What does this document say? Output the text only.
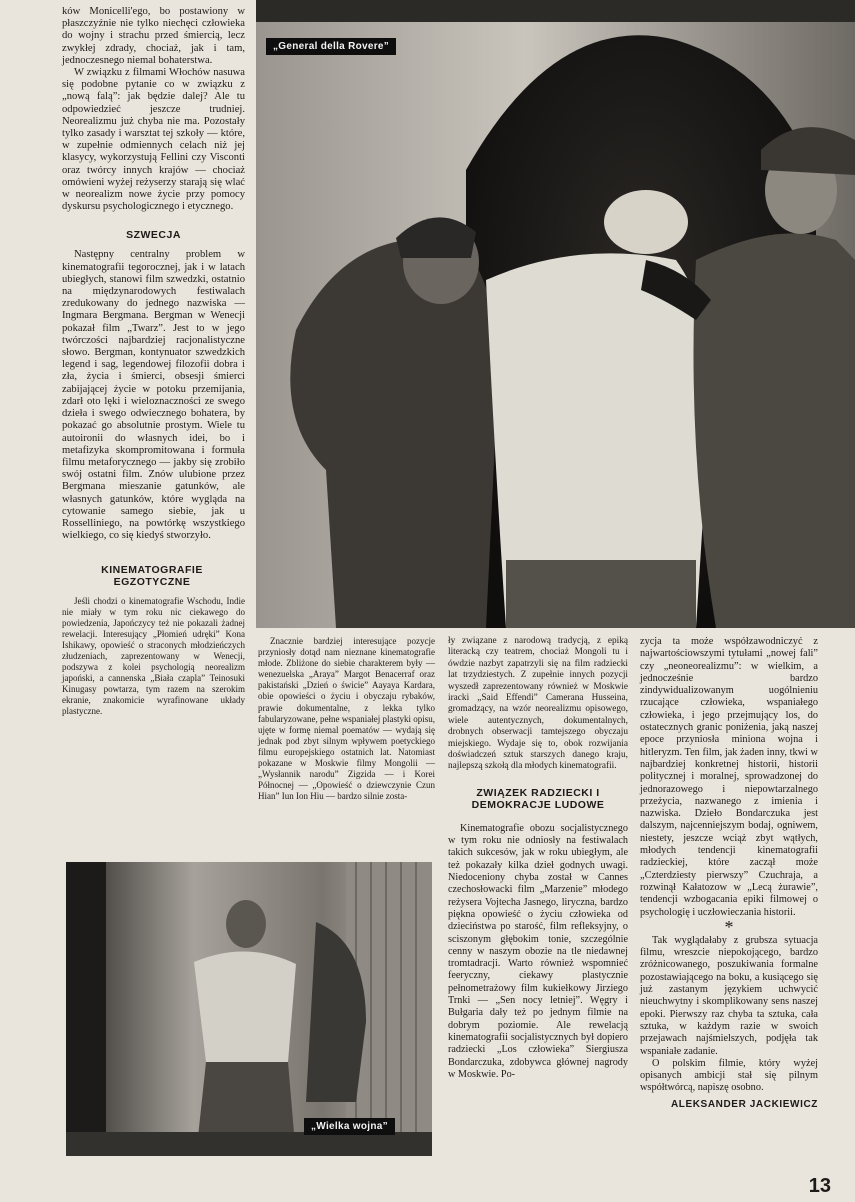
ków Monicelli'ego, bo postawiony w płaszczyźnie nie tylko niechęci człowieka do wojny i strachu przed śmiercią, lecz zwykłej zdrady, chociaż, jak i tam, jednoczesnego niemal bohaterstwa.

W związku z filmami Włochów nasuwa się podobne pytanie co w związku z „nową falą”: jak będzie dalej? Ale tu odpowiedzieć jeszcze trudniej. Neorealizmu już chyba nie ma. Pozostały tylko zasady i warsztat tej szkoły — które, w zupełnie odmiennych celach niż jej klasycy, wykorzystują Fellini czy Visconti oraz twórcy innych krajów — chociaż omówieni wyżej reżyserzy starają się wlać w neorealizm nowe życie przy pomocy dyskursu psychologicznego i etycznego.

SZWECJA

Następny centralny problem w kinematografii tegorocznej, jak i w latach ubiegłych, stanowi film szwedzki, ostatnio na międzynarodowych festiwalach zredukowany do jednego nazwiska — Ingmara Bergmana. Bergman w Wenecji pokazał film „Twarz”. Jest to w jego twórczości najbardziej racjonalistyczne słowo. Bergman, kontynuator szwedzkich legend i sag, legendowej filozofii dobra i zła, życia i śmierci, obsesji śmierci zabijającej życie w potoku przemijania, zdarł oto lęki i wieloznaczności ze swego dzieła i swego odwiecznego bohatera, by pokazać go absolutnie prostym. Wiele tu autoironii do własnych idei, bo i metafizyka skompromitowana i formuła filmu metaforycznego — jakby się zrobiło swój ostatni film. Znów ulubione przez Bergmana mieszanie gatunków, ale własnych gatunków, które wygląda na cytowanie samego siebie, jak u Rosselliniego, na powtórkę wszystkiego wielkiego, co się kiedyś stworzyło.

KINEMATOGRAFIE EGZOTYCZNE

Jeśli chodzi o kinematografie Wschodu, Indie nie miały w tym roku nic ciekawego do powiedzenia, Japończycy też nie pokazali żadnej rewelacji. Interesujący „Płomień udręki” Kona Ishikawy, opowieść o straconych młodzieńczych złudzeniach, zaprezentowany w Wenecji, podszywa z kolei psychologią neorealizm japoński, a cannenska „Biała czapla” Teinosuki Kinugasy powtarza, tym razem na szerokim ekranie, znakomicie wyrafinowane układy plastyczne.

„General della Rovere”

Znacznie bardziej interesujące pozycje przyniosły dotąd nam nieznane kinematografie młode. Zbliżone do siebie charakterem były — wenezuelska „Araya” Margot Benacerraf oraz pakistański „Dzień o świcie” Aayaya Kardara, obie opowieści o życiu i obyczaju rybaków, prawie dokumentalne, z lekka tylko fabularyzowane, pełne wspaniałej plastyki opisu, ujęte w formę niemal poematów — wydają się jednak pod zbyt silnym wpływem poetyckiego filmu europejskiego ostatnich lat. Natomiast pokazane w Moskwie filmy Mongolii — „Wysłannik narodu” Zigzida — i Korei Północnej — „Opowieść o dziewczynie Czun Hian” Iun Ion Hiu — bardzo silnie zosta-

ły związane z narodową tradycją, z epiką literacką czy teatrem, chociaż Mongoli tu i ówdzie nazbyt zapatrzyli się na film radziecki lat trzydziestych. Z zupełnie innych pozycji wyszedł zaprezentowany również w Moskwie iracki „Said Effendi” Camerana Husseina, gromadzący, na wzór neorealizmu opisowego, wiele autentycznych, dokumentalnych, drobnych obserwacji tamtejszego obyczaju miejskiego. Wydaje się to, obok rozwijania doświadczeń sztuk starszych danego kraju, najlepszą szkołą dla młodych kinematografii.

ZWIĄZEK RADZIECKI I DEMOKRACJE LUDOWE

Kinematografie obozu socjalistycznego w tym roku nie odniosły na festiwalach takich sukcesów, jak w roku ubiegłym, ale też pokazały kilka dzieł godnych uwagi. Niedoceniony chyba został w Cannes czechosłowacki film „Marzenie” młodego reżysera Vojtecha Jasnego, liryczna, bardzo piękna opowieść o życiu człowieka od dzieciństwa po starość, film refleksyjny, o sciszonym głębokim tonie, szczególnie cenny w naszym obozie na tle niedawnej tromtadracji. Warto również wspomnieć feeryczny, ciekawy plastycznie pełnometrażowy film kukiełkowy Jirziego Trnki — „Sen nocy letniej”. Węgry i Bułgaria dały też po jednym filmie na dobrym poziomie. Ale rewelacją kinematografii socjalistycznych był dopiero radziecki „Los człowieka” Siergiusza Bondarczuka, zdobywca głównej nagrody w Moskwie. Po-

zycja ta może współzawodniczyć z najwartościowszymi tytułami „nowej fali” czy „neoneorealizmu”: w wielkim, a jednocześnie bardzo zindywidualizowanym uogólnieniu rzucające człowieka, wspaniałego człowieka, i jego przejmujący los, do ostatecznych granic poniżenia, jaką naszej epoce przyniosła miniona wojna i hitleryzm. Ten film, jak żaden inny, tkwi w najbardziej konkretnej historii, historii politycznej i moralnej, sprowadzonej do jednorazowego i niepowtarzalnego przeżycia, nazwanego z imienia i nazwiska. Dzieło Bondarczuka jest dalszym, najcenniejszym bodaj, ogniwem, niestety, jeszcze wciąż zbyt wątłych, młodych tendencji kinematografii radzieckiej, które zaczął może „Czterdziesty pierwszy” Czuchraja, a rozwinął Kałatozow w „Lecą żurawie”, tendencji wzbogacania epiki filmowej o psychologię i uczłowieczania historii.

*

Tak wyglądałaby z grubsza sytuacja filmu, wreszcie niepokojącego, bardzo zróżnicowanego, poszukiwania formalne pozostawiającego na boku, a kusiącego się już zastanym językiem uchwycić nieuchwytny i skomplikowany sens naszej epoki. Pierwszy raz chyba ta sztuka, cała sztuka, w każdym razie w swoich przejawach najśmielszych, podjęła tak wspaniałe zadanie.

O polskim filmie, który wyżej opisanych ambicji stał się pilnym współtwórcą, napiszę osobno.

ALEKSANDER JACKIEWICZ
„Wielka wojna”
13
